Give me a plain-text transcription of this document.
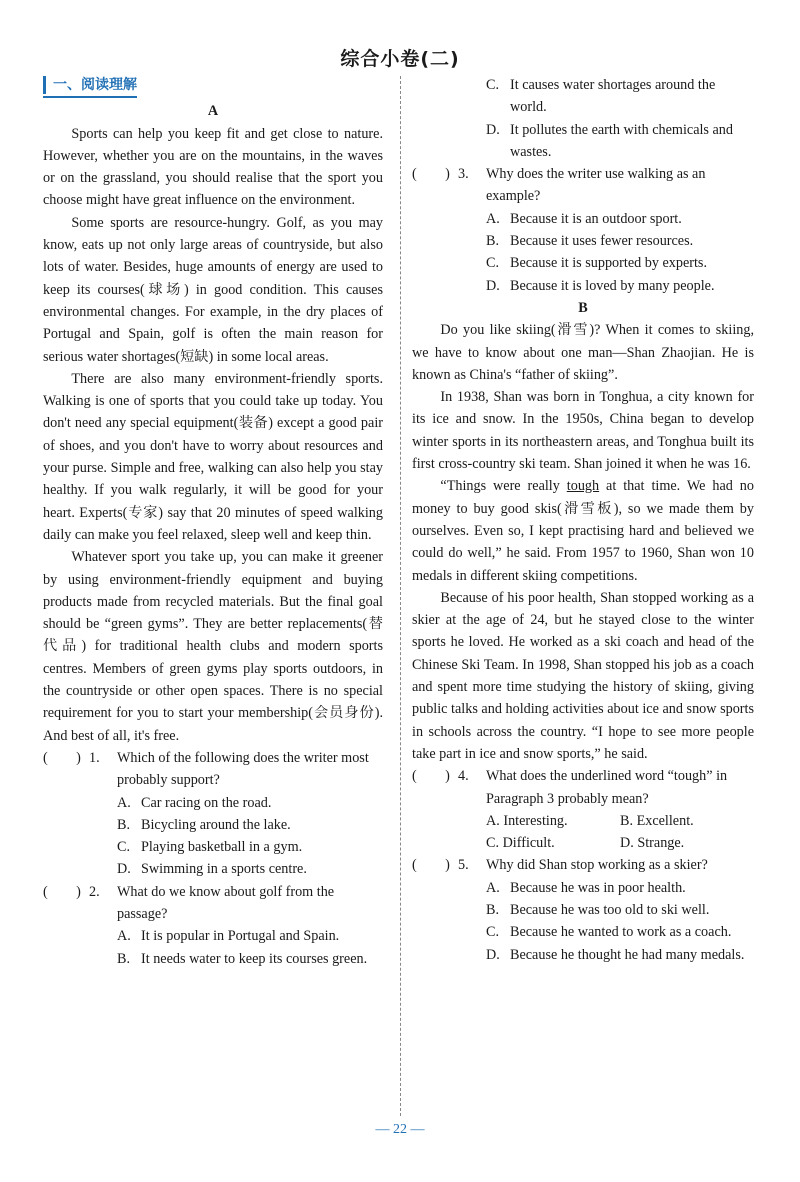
综合小卷(二)
一、阅读理解
A

Sports can help you keep fit and get close to nature. However, whether you are on the mountains, in the waves or on the grassland, you should realise that the sport you choose might have great influence on the environment.

Some sports are resource-hungry. Golf, as you may know, eats up not only large areas of countryside, but also lots of water. Besides, huge amounts of energy are used to keep its courses(球场) in good condition. This causes environmental changes. For example, in the dry places of Portugal and Spain, golf is often the main reason for serious water shortages(短缺) in some local areas.

There are also many environment-friendly sports. Walking is one of sports that you could take up today. You don't need any special equipment(装备) except a good pair of shoes, and you don't have to worry about resources and your purse. Simple and free, walking can also help you stay healthy. If you walk regularly, it will be good for your heart. Experts(专家) say that 20 minutes of speed walking daily can make you feel relaxed, sleep well and keep thin.

Whatever sport you take up, you can make it greener by using environment-friendly equipment and buying products made from recycled materials. But the final goal should be “green gyms”. They are better replacements(替代品) for traditional health clubs and modern sports centres. Members of green gyms play sports outdoors, in the countryside or other open spaces. There is no special requirement for you to start your membership(会员身份). And best of all, it's free.

(  ) 1. Which of the following does the writer most probably support?
A. Car racing on the road.
B. Bicycling around the lake.
C. Playing basketball in a gym.
D. Swimming in a sports centre.
(  ) 2. What do we know about golf from the passage?
A. It is popular in Portugal and Spain.
B. It needs water to keep its courses green.
C. It causes water shortages around the world.
D. It pollutes the earth with chemicals and wastes.
(  ) 3. Why does the writer use walking as an example?
A. Because it is an outdoor sport.
B. Because it uses fewer resources.
C. Because it is supported by experts.
D. Because it is loved by many people.
B

Do you like skiing(滑雪)? When it comes to skiing, we have to know about one man—Shan Zhaojian. He is known as China's “father of skiing”.

In 1938, Shan was born in Tonghua, a city known for its ice and snow. In the 1950s, China began to develop winter sports in its northeastern areas, and Tonghua built its first cross-country ski team. Shan joined it when he was 16.

“Things were really tough at that time. We had no money to buy good skis(滑雪板), so we made them by ourselves. Even so, I kept practising hard and believed we could do well,” he said. From 1957 to 1960, Shan won 10 medals in different skiing competitions.

Because of his poor health, Shan stopped working as a skier at the age of 24, but he stayed close to the winter sports he loved. He worked as a ski coach and head of the Chinese Ski Team. In 1998, Shan stopped his job as a coach and spent more time studying the history of skiing, giving public talks and holding activities about ice and snow sports in schools across the country. “I hope to see more people take part in ice and snow sports,” he said.

(  ) 4. What does the underlined word “tough” in Paragraph 3 probably mean?
A. Interesting.	B. Excellent.
C. Difficult.	D. Strange.
(  ) 5. Why did Shan stop working as a skier?
A. Because he was in poor health.
B. Because he was too old to ski well.
C. Because he wanted to work as a coach.
D. Because he thought he had many medals.
— 22 —
